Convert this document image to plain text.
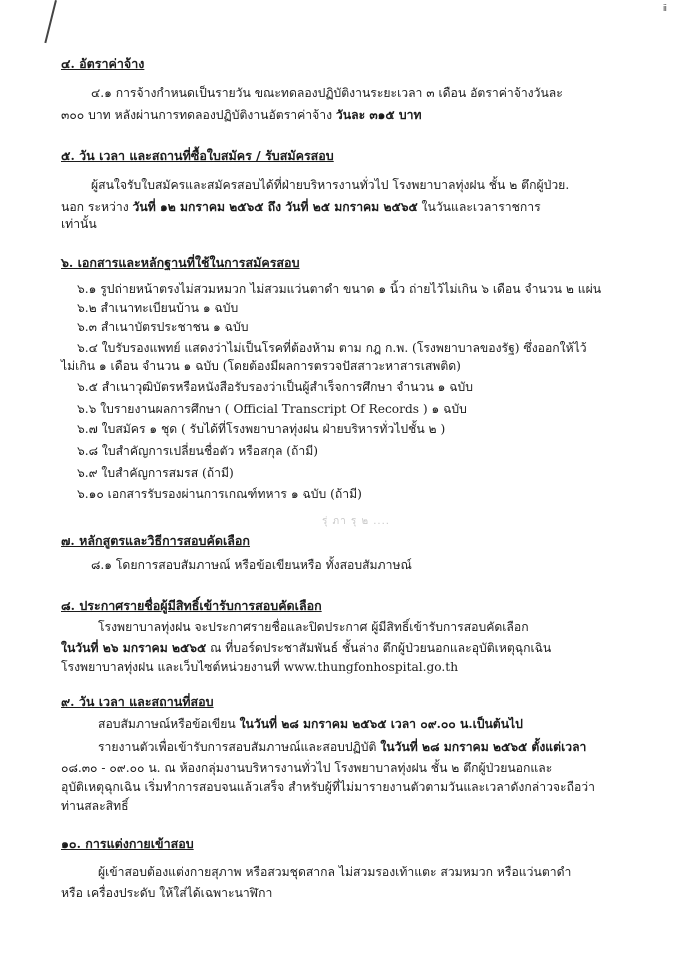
ⅱ
รุ่ ภา รุ ๒ ....
๔. อัตราค่าจ้าง
๔.๑ การจ้างกำหนดเป็นรายวัน ขณะทดลองปฏิบัติงานระยะเวลา ๓ เดือน อัตราค่าจ้างวันละ
๓๐๐ บาท หลังผ่านการทดลองปฏิบัติงานอัตราค่าจ้าง วันละ ๓๑๕ บาท
๕. วัน เวลา และสถานที่ซื้อใบสมัคร / รับสมัครสอบ
ผู้สนใจรับใบสมัครและสมัครสอบได้ที่ฝ่ายบริหารงานทั่วไป โรงพยาบาลทุ่งฝน ชั้น ๒ ตึกผู้ป่วย.
นอก ระหว่าง วันที่ ๑๒ มกราคม ๒๕๖๕ ถึง วันที่ ๒๕ มกราคม ๒๕๖๕ ในวันและเวลาราชการ
เท่านั้น
๖. เอกสารและหลักฐานที่ใช้ในการสมัครสอบ
๖.๑ รูปถ่ายหน้าตรงไม่สวมหมวก ไม่สวมแว่นตาดำ ขนาด ๑ นิ้ว ถ่ายไว้ไม่เกิน ๖ เดือน จำนวน ๒ แผ่น
๖.๒ สำเนาทะเบียนบ้าน ๑ ฉบับ
๖.๓ สำเนาบัตรประชาชน ๑ ฉบับ
๖.๔ ใบรับรองแพทย์ แสดงว่าไม่เป็นโรคที่ต้องห้าม ตาม กฎ ก.พ. (โรงพยาบาลของรัฐ) ซึ่งออกให้ไว้
ไม่เกิน ๑ เดือน จำนวน ๑ ฉบับ (โดยต้องมีผลการตรวจปัสสาวะหาสารเสพติด)
๖.๕ สำเนาวุฒิบัตรหรือหนังสือรับรองว่าเป็นผู้สำเร็จการศึกษา จำนวน ๑ ฉบับ
๖.๖ ใบรายงานผลการศึกษา ( Official Transcript Of Records ) ๑ ฉบับ
๖.๗ ใบสมัคร ๑ ชุด ( รับได้ที่โรงพยาบาลทุ่งฝน ฝ่ายบริหารทั่วไปชั้น ๒ )
๖.๘ ใบสำคัญการเปลี่ยนชื่อตัว หรือสกุล (ถ้ามี)
๖.๙ ใบสำคัญการสมรส (ถ้ามี)
๖.๑๐ เอกสารรับรองผ่านการเกณฑ์ทหาร ๑ ฉบับ (ถ้ามี)
๗. หลักสูตรและวิธีการสอบคัดเลือก
๘.๑ โดยการสอบสัมภาษณ์ หรือข้อเขียนหรือ ทั้งสอบสัมภาษณ์
๘. ประกาศรายชื่อผู้มีสิทธิ์เข้ารับการสอบคัดเลือก
โรงพยาบาลทุ่งฝน จะประกาศรายชื่อและปิดประกาศ ผู้มีสิทธิ์เข้ารับการสอบคัดเลือก
ในวันที่ ๒๖ มกราคม ๒๕๖๕ ณ ที่บอร์ดประชาสัมพันธ์ ชั้นล่าง ตึกผู้ป่วยนอกและอุบัติเหตุฉุกเฉิน
โรงพยาบาลทุ่งฝน และเว็บไซต์หน่วยงานที่ www.thungfonhospital.go.th
๙. วัน เวลา และสถานที่สอบ
สอบสัมภาษณ์หรือข้อเขียน ในวันที่ ๒๘ มกราคม ๒๕๖๕ เวลา ๐๙.๐๐ น.เป็นต้นไป
รายงานตัวเพื่อเข้ารับการสอบสัมภาษณ์และสอบปฏิบัติ ในวันที่ ๒๘ มกราคม ๒๕๖๕ ตั้งแต่เวลา
๐๘.๓๐ - ๐๙.๐๐ น. ณ ห้องกลุ่มงานบริหารงานทั่วไป โรงพยาบาลทุ่งฝน ชั้น ๒ ตึกผู้ป่วยนอกและ
อุบัติเหตุฉุกเฉิน เริ่มทำการสอบจนแล้วเสร็จ สำหรับผู้ที่ไม่มารายงานตัวตามวันและเวลาดังกล่าวจะถือว่า
ท่านสละสิทธิ์
๑๐. การแต่งกายเข้าสอบ
ผู้เข้าสอบต้องแต่งกายสุภาพ หรือสวมชุดสากล ไม่สวมรองเท้าแตะ สวมหมวก หรือแว่นตาดำ
หรือ เครื่องประดับ ให้ใส่ได้เฉพาะนาฬิกา
